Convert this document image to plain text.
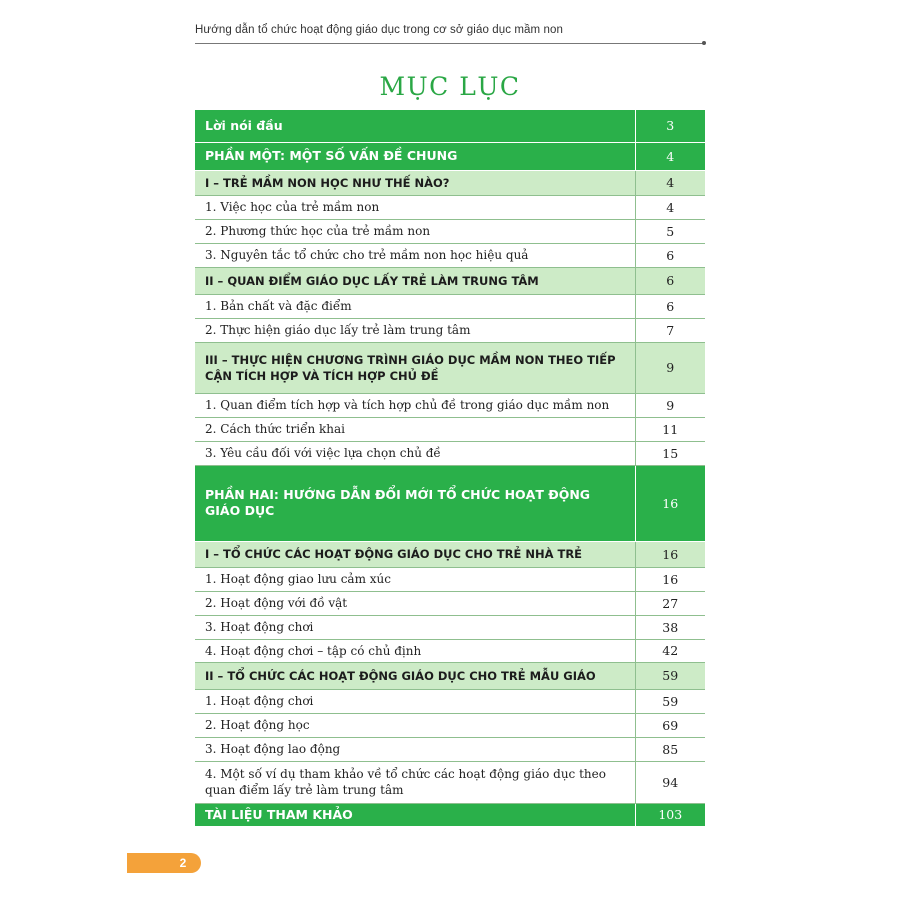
Hướng dẫn tổ chức hoạt động giáo dục trong cơ sở giáo dục mầm non
MỤC LỤC
Lời nói đầu	3
PHẦN MỘT: MỘT SỐ VẤN ĐỀ CHUNG	4
I – TRẺ MẦM NON HỌC NHƯ THẾ NÀO?	4
1. Việc học của trẻ mầm non	4
2. Phương thức học của trẻ mầm non	5
3. Nguyên tắc tổ chức cho trẻ mầm non học hiệu quả	6
II – QUAN ĐIỂM GIÁO DỤC LẤY TRẺ LÀM TRUNG TÂM	6
1. Bản chất và đặc điểm	6
2. Thực hiện giáo dục lấy trẻ làm trung tâm	7
III – THỰC HIỆN CHƯƠNG TRÌNH GIÁO DỤC MẦM NON THEO TIẾP CẬN TÍCH HỢP VÀ TÍCH HỢP CHỦ ĐỀ	9
1. Quan điểm tích hợp và tích hợp chủ đề trong giáo dục mầm non	9
2. Cách thức triển khai	11
3. Yêu cầu đối với việc lựa chọn chủ đề	15
PHẦN HAI: HƯỚNG DẪN ĐỔI MỚI TỔ CHỨC HOẠT ĐỘNG GIÁO DỤC	16
I – TỔ CHỨC CÁC HOẠT ĐỘNG GIÁO DỤC CHO TRẺ NHÀ TRẺ	16
1. Hoạt động giao lưu cảm xúc	16
2. Hoạt động với đồ vật	27
3. Hoạt động chơi	38
4. Hoạt động chơi – tập có chủ định	42
II – TỔ CHỨC CÁC HOẠT ĐỘNG GIÁO DỤC CHO TRẺ MẪU GIÁO	59
1. Hoạt động chơi	59
2. Hoạt động học	69
3. Hoạt động lao động	85
4. Một số ví dụ tham khảo về tổ chức các hoạt động giáo dục theo quan điểm lấy trẻ làm trung tâm	94
TÀI LIỆU THAM KHẢO	103
2
